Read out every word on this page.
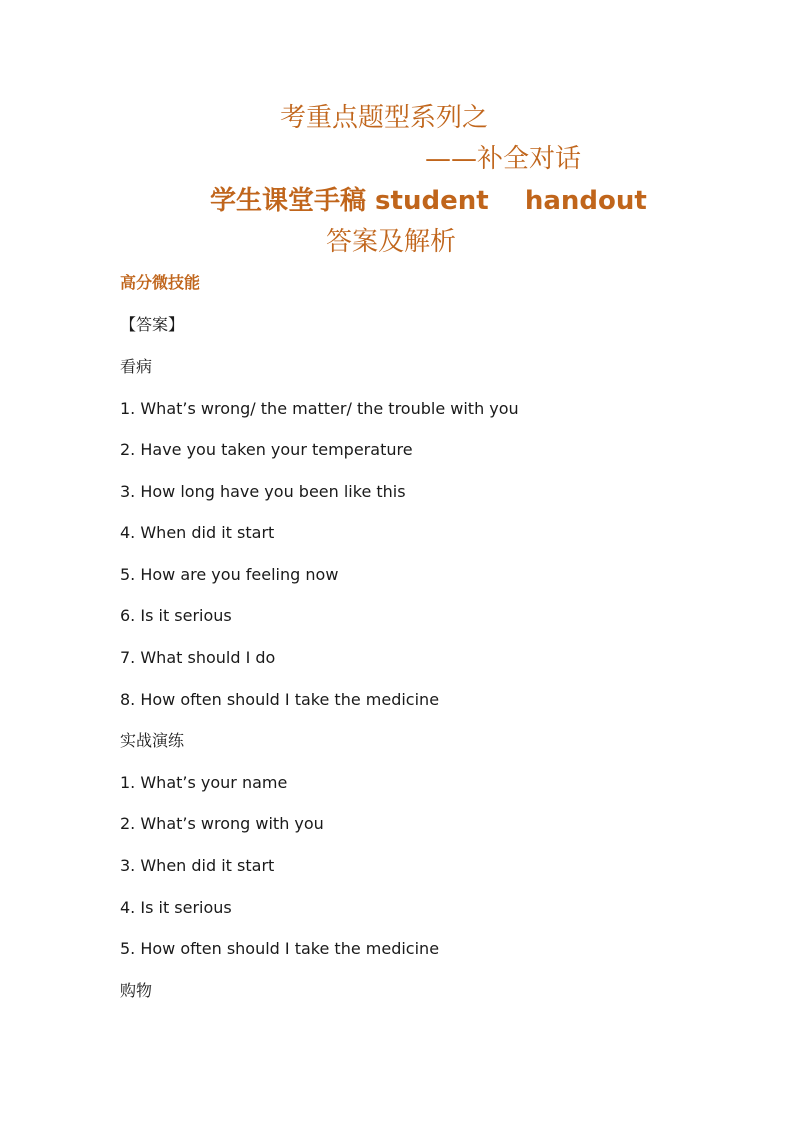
考重点题型系列之
——补全对话
学生课堂手稿 student    handout
答案及解析
高分微技能
【答案】
看病
1. What’s wrong/ the matter/ the trouble with you
2. Have you taken your temperature
3. How long have you been like this
4. When did it start
5. How are you feeling now
6. Is it serious
7. What should I do
8. How often should I take the medicine
实战演练
1. What’s your name
2. What’s wrong with you
3. When did it start
4. Is it serious
5. How often should I take the medicine
购物
